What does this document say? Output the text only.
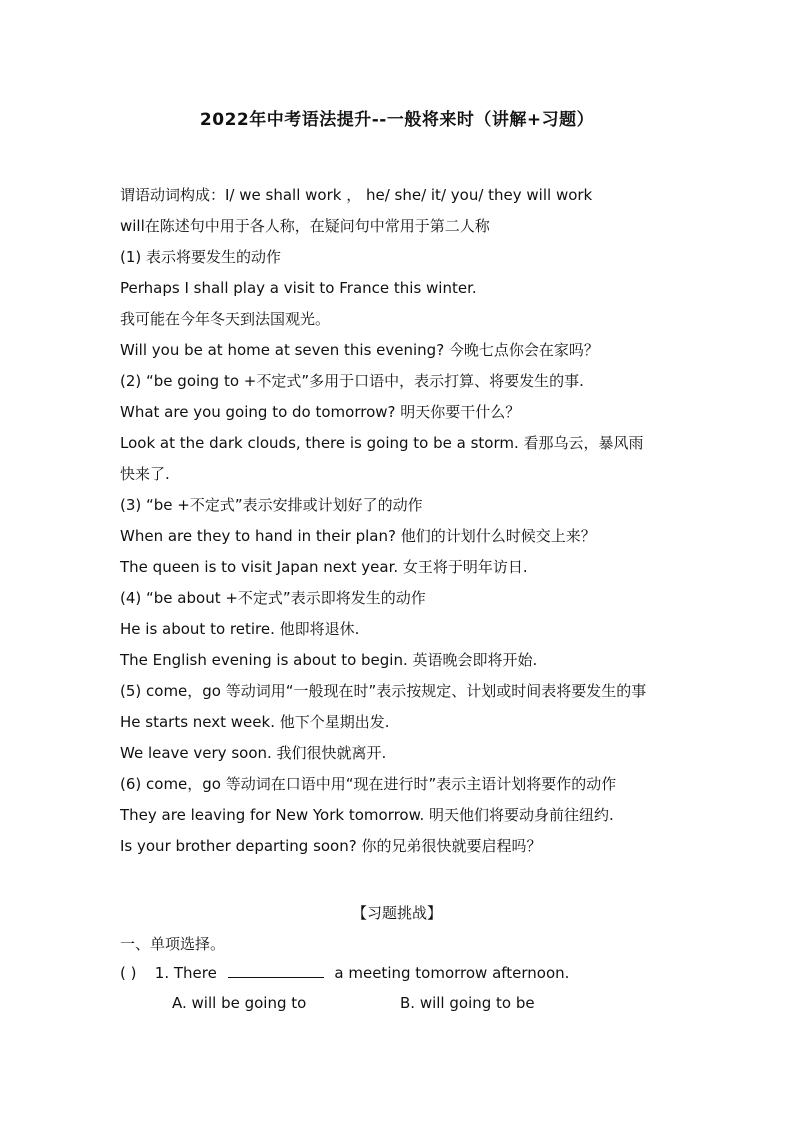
2022年中考语法提升--一般将来时（讲解+习题）
谓语动词构成：I/ we shall work ， he/ she/ it/ you/ they will work
will在陈述句中用于各人称，在疑问句中常用于第二人称
(1) 表示将要发生的动作
Perhaps I shall play a visit to France this winter.
我可能在今年冬天到法国观光。
Will you be at home at seven this evening? 今晚七点你会在家吗？
(2) “be going to +不定式”多用于口语中，表示打算、将要发生的事.
What are you going to do tomorrow? 明天你要干什么？
Look at the dark clouds, there is going to be a storm. 看那乌云，暴风雨
快来了.
(3) “be +不定式”表示安排或计划好了的动作
When are they to hand in their plan? 他们的计划什么时候交上来？
The queen is to visit Japan next year. 女王将于明年访日.
(4) “be about +不定式”表示即将发生的动作
He is about to retire. 他即将退休.
The English evening is about to begin. 英语晚会即将开始.
(5) come，go 等动词用“一般现在时”表示按规定、计划或时间表将要发生的事
He starts next week. 他下个星期出发.
We leave very soon. 我们很快就离开.
(6) come，go 等动词在口语中用“现在进行时”表示主语计划将要作的动作
They are leaving for New York tomorrow. 明天他们将要动身前往纽约.
Is your brother departing soon? 你的兄弟很快就要启程吗？
【习题挑战】
一、单项选择。
( ) 1. There	a meeting tomorrow afternoon.
A. will be going to	B. will going to be
